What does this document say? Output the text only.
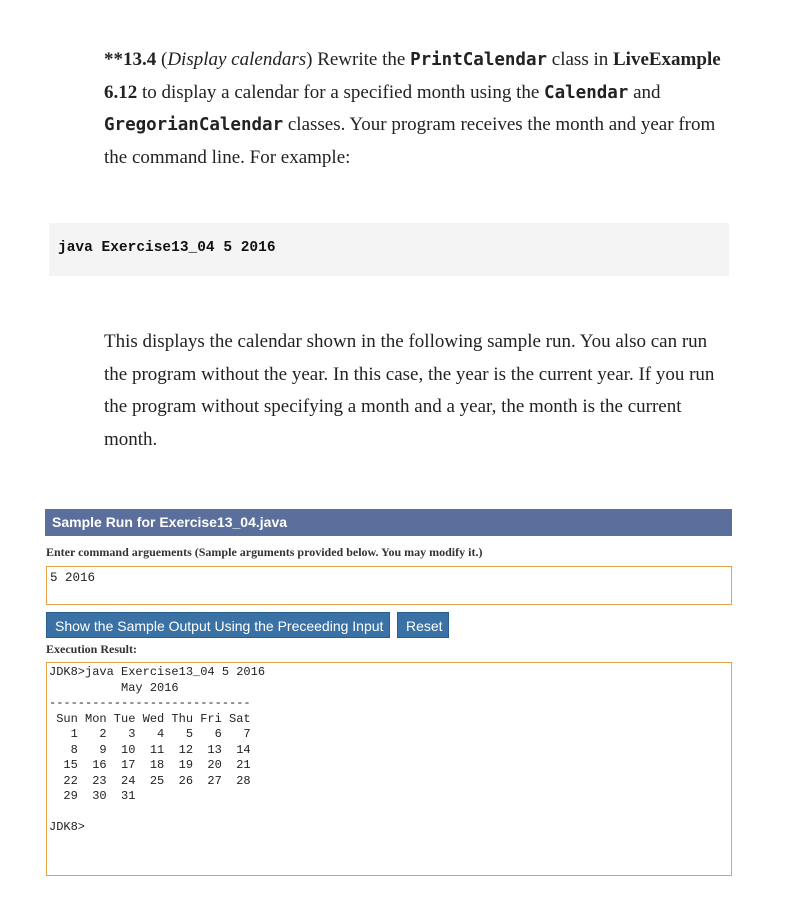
**13.4 (Display calendars) Rewrite the PrintCalendar class in LiveExample 6.12 to display a calendar for a specified month using the Calendar and GregorianCalendar classes. Your program receives the month and year from the command line. For example:
java Exercise13_04 5 2016
This displays the calendar shown in the following sample run. You also can run the program without the year. In this case, the year is the current year. If you run the program without specifying a month and a year, the month is the current month.
Sample Run for Exercise13_04.java
Enter command arguements (Sample arguments provided below. You may modify it.)
5 2016
Show the Sample Output Using the Preceeding Input	Reset
Execution Result:
JDK8>java Exercise13_04 5 2016
May 2016
----------------------------
Sun Mon Tue Wed Thu Fri Sat
1   2   3   4   5   6   7
8   9  10  11  12  13  14
15  16  17  18  19  20  21
22  23  24  25  26  27  28
29  30  31

JDK8>
